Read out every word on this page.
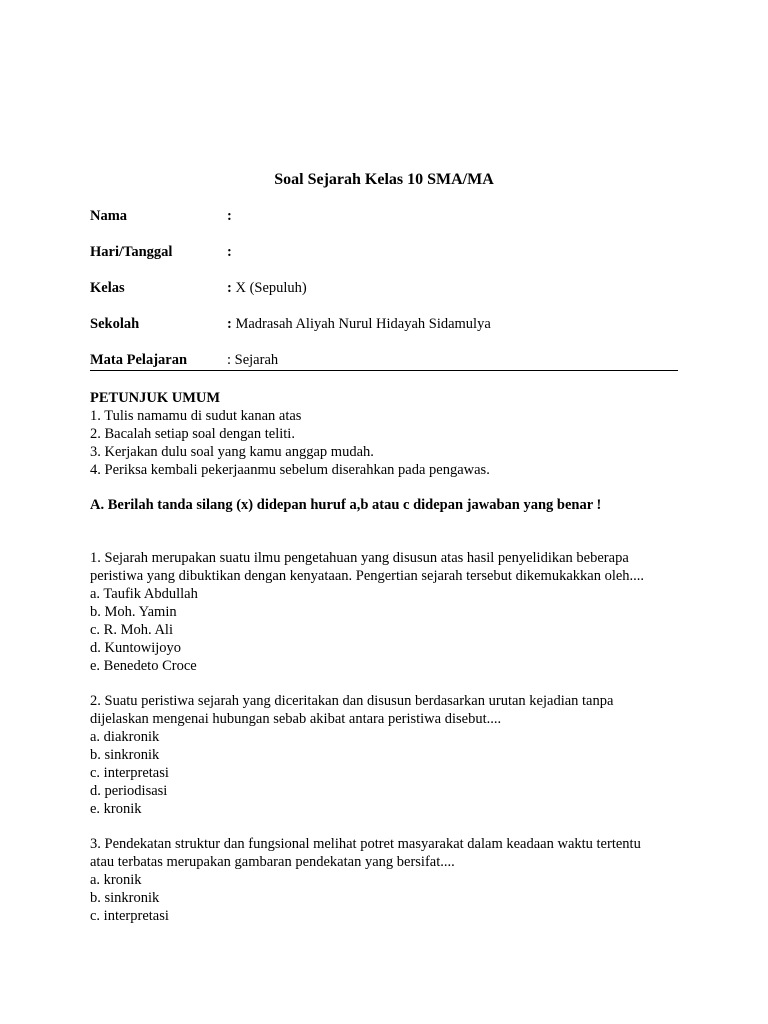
Soal Sejarah Kelas 10 SMA/MA
Nama	:
Hari/Tanggal	:
Kelas	: X (Sepuluh)
Sekolah	: Madrasah Aliyah Nurul Hidayah Sidamulya
Mata Pelajaran	: Sejarah
PETUNJUK UMUM
1. Tulis namamu di sudut kanan atas
2. Bacalah setiap soal dengan teliti.
3. Kerjakan dulu soal yang kamu anggap mudah.
4. Periksa kembali pekerjaanmu sebelum diserahkan pada pengawas.
A. Berilah tanda silang (x) didepan huruf a,b atau c didepan jawaban yang benar !
1. Sejarah merupakan suatu ilmu pengetahuan yang disusun atas hasil penyelidikan beberapa
peristiwa yang dibuktikan dengan kenyataan. Pengertian sejarah tersebut dikemukakkan oleh....
a. Taufik Abdullah
b. Moh. Yamin
c. R. Moh. Ali
d. Kuntowijoyo
e. Benedeto Croce
2. Suatu peristiwa sejarah yang diceritakan dan disusun berdasarkan urutan kejadian tanpa
dijelaskan mengenai hubungan sebab akibat antara peristiwa disebut....
a. diakronik
b. sinkronik
c. interpretasi
d. periodisasi
e. kronik
3. Pendekatan struktur dan fungsional melihat potret masyarakat dalam keadaan waktu tertentu
atau terbatas merupakan gambaran pendekatan yang bersifat....
a. kronik
b. sinkronik
c. interpretasi
